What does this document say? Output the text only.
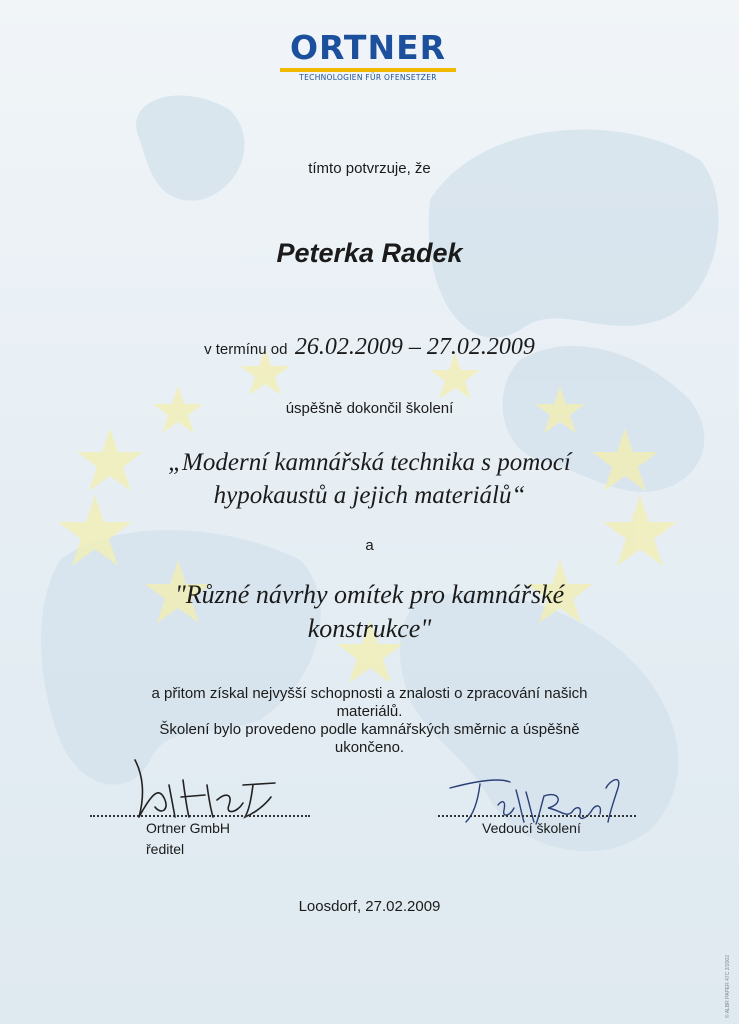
ORTNER
TECHNOLOGIEN FÜR OFENSETZER
tímto potvrzuje, že
Peterka Radek
v termínu od 26.02.2009 – 27.02.2009
úspěšně dokončil školení
„Moderní kamnářská technika s pomocí
hypokaustů a jejich materiálů“
a
"Různé návrhy omítek pro kamnářské
konstrukce"
a přitom získal nejvyšší schopnosti a znalosti o zpracování našich
materiálů.
Školení bylo provedeno podle kamnářských směrnic a úspěšně
ukončeno.
Ortner GmbH
ředitel
Vedoucí školení
Loosdorf, 27.02.2009
© ALBR PAPER 47C 2/2002
